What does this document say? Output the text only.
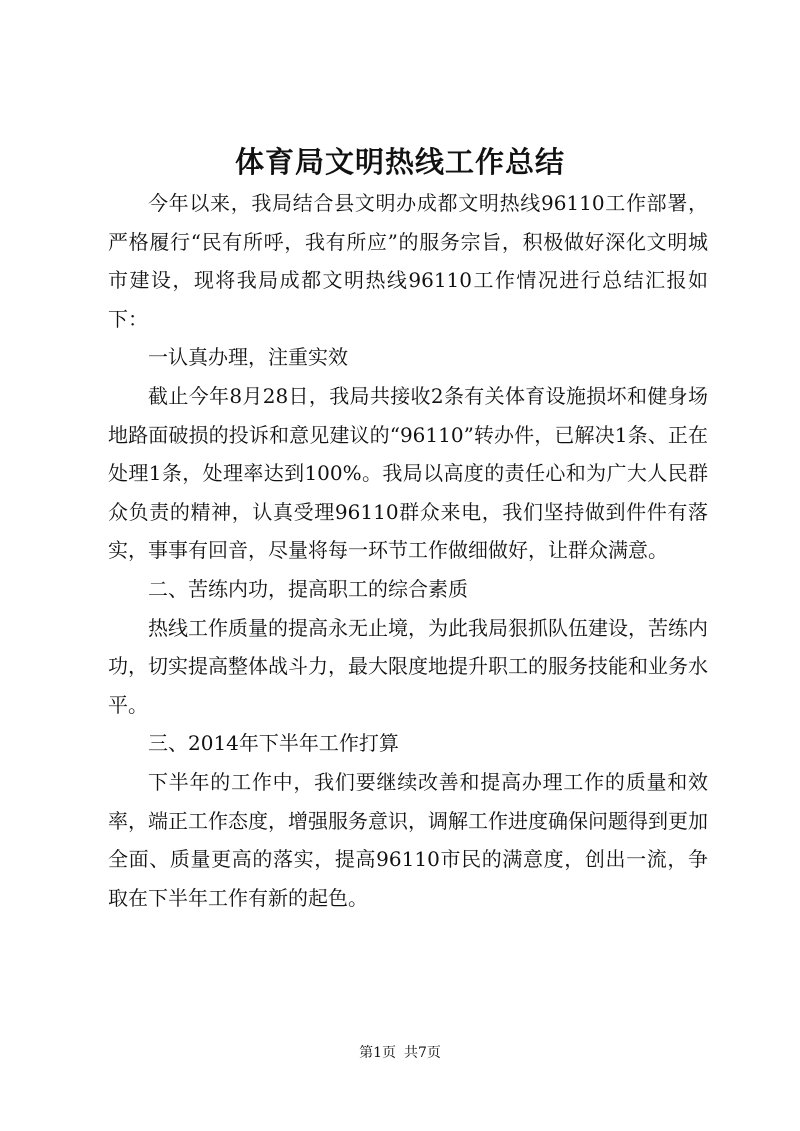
体育局文明热线工作总结

今年以来，我局结合县文明办成都文明热线96110工作部署，严格履行“民有所呼，我有所应”的服务宗旨，积极做好深化文明城市建设，现将我局成都文明热线96110工作情况进行总结汇报如下：

一认真办理，注重实效

截止今年8月28日，我局共接收2条有关体育设施损坏和健身场地路面破损的投诉和意见建议的“96110”转办件，已解决1条、正在处理1条，处理率达到100%。我局以高度的责任心和为广大人民群众负责的精神，认真受理96110群众来电，我们坚持做到件件有落实，事事有回音，尽量将每一环节工作做细做好，让群众满意。

二、苦练内功，提高职工的综合素质

热线工作质量的提高永无止境，为此我局狠抓队伍建设，苦练内功，切实提高整体战斗力，最大限度地提升职工的服务技能和业务水平。

三、2014年下半年工作打算

下半年的工作中，我们要继续改善和提高办理工作的质量和效率，端正工作态度，增强服务意识，调解工作进度确保问题得到更加全面、质量更高的落实，提高96110市民的满意度，创出一流，争取在下半年工作有新的起色。

第1页 共7页
